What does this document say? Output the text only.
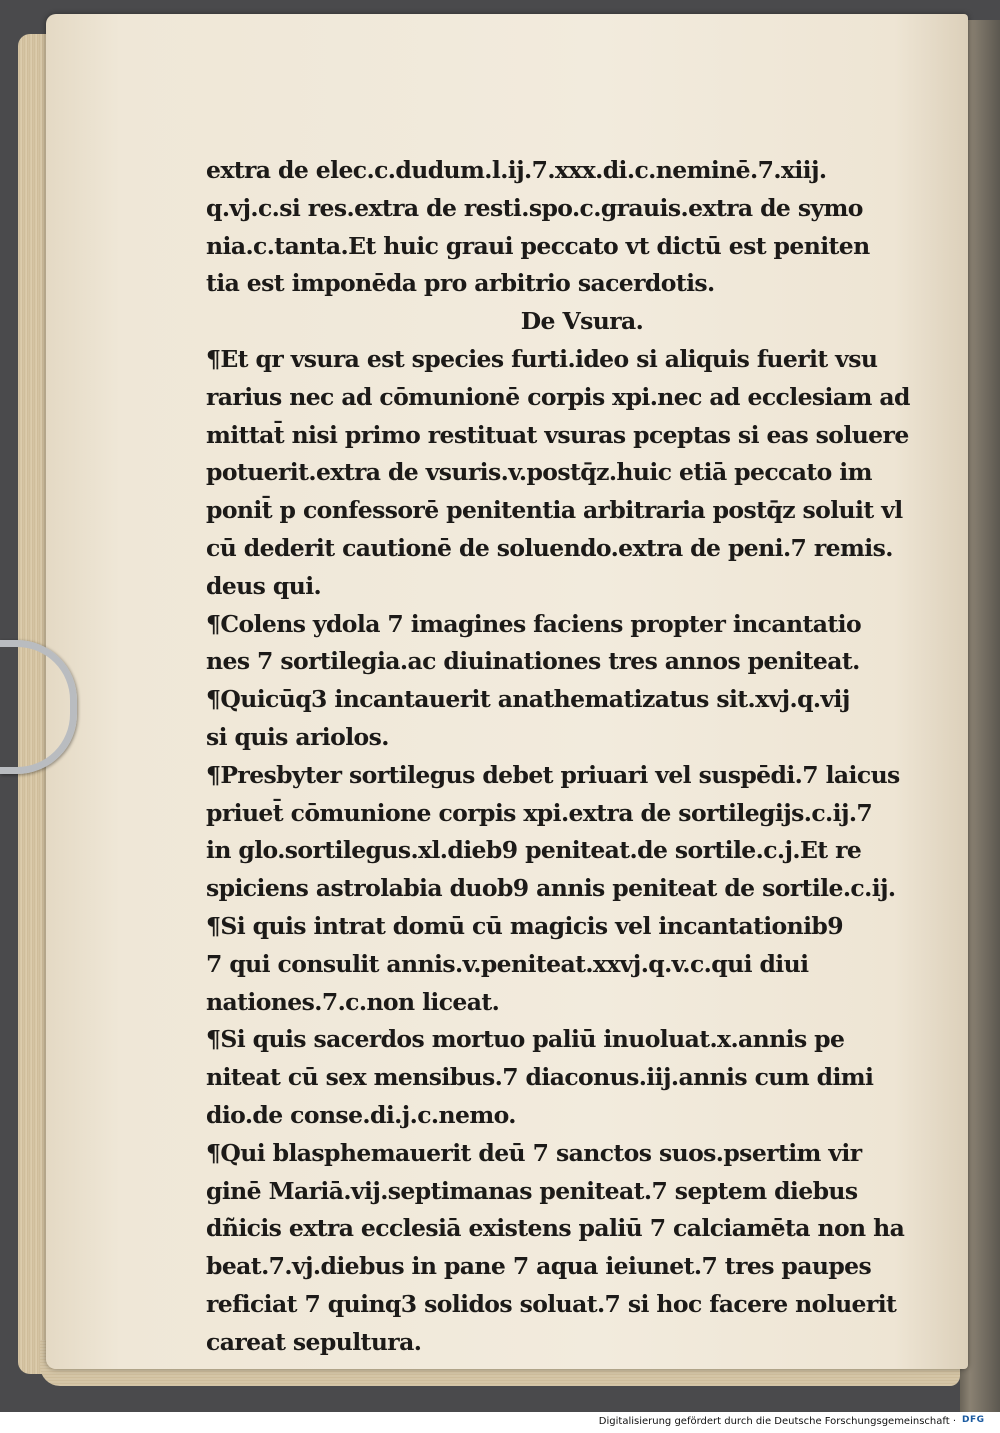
extra de elec.c.dudum.l.ij.7.xxx.di.c.neminē.7.xiij.
q.vj.c.si res.extra de resti.spo.c.grauis.extra de symo
nia.c.tanta.Et huic graui peccato vt dictū est peniten
tia est imponēda pro arbitrio sacerdotis.
De Vsura.
¶Et qr vsura est species furti.ideo si aliquis fuerit vsu
rarius nec ad cōmunionē corpis xpi.nec ad ecclesiam ad
mittat̄ nisi primo restituat vsuras pceptas si eas soluere
potuerit.extra de vsuris.v.postq̄z.huic etiā peccato im
ponit̄ p confessorē penitentia arbitraria postq̄z soluit vl
cū dederit cautionē de soluendo.extra de peni.7 remis.
deus qui.
¶Colens ydola 7 imagines faciens propter incantatio
nes 7 sortilegia.ac diuinationes tres annos peniteat.
¶Quicūq3 incantauerit anathematizatus sit.xvj.q.vij
si quis ariolos.
¶Presbyter sortilegus debet priuari vel suspēdi.7 laicus
priuet̄ cōmunione corpis xpi.extra de sortilegijs.c.ij.7
in glo.sortilegus.xl.dieb9 peniteat.de sortile.c.j.Et re
spiciens astrolabia duob9 annis peniteat de sortile.c.ij.
¶Si quis intrat domū cū magicis vel incantationib9
7 qui consulit annis.v.peniteat.xxvj.q.v.c.qui diui
nationes.7.c.non liceat.
¶Si quis sacerdos mortuo paliū inuoluat.x.annis pe
niteat cū sex mensibus.7 diaconus.iij.annis cum dimi
dio.de conse.di.j.c.nemo.
¶Qui blasphemauerit deū 7 sanctos suos.psertim vir
ginē Mariā.vij.septimanas peniteat.7 septem diebus
dñicis extra ecclesiā existens paliū 7 calciamēta non ha
beat.7.vj.diebus in pane 7 aqua ieiunet.7 tres paupes
reficiat 7 quinq3 solidos soluat.7 si hoc facere noluerit
careat sepultura.
Digitalisierung gefördert durch die Deutsche Forschungsgemeinschaft · DFG
